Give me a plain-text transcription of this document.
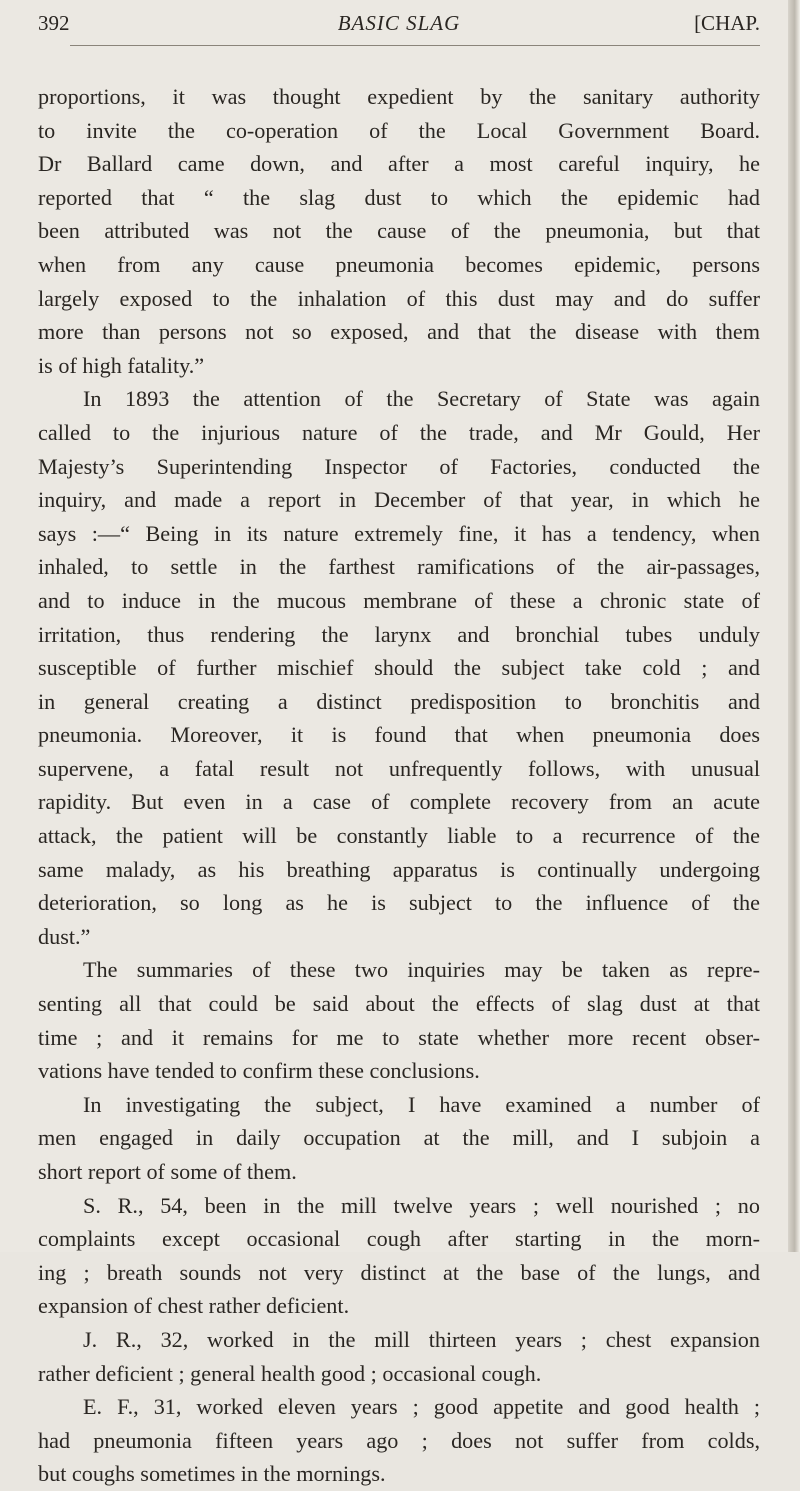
392	BASIC SLAG	[CHAP.
proportions, it was thought expedient by the sanitary authority
to invite the co-operation of the Local Government Board.
Dr Ballard came down, and after a most careful inquiry, he
reported that “ the slag dust to which the epidemic had
been attributed was not the cause of the pneumonia, but that
when from any cause pneumonia becomes epidemic, persons
largely exposed to the inhalation of this dust may and do suffer
more than persons not so exposed, and that the disease with them
is of high fatality.”
In 1893 the attention of the Secretary of State was again
called to the injurious nature of the trade, and Mr Gould, Her
Majesty’s Superintending Inspector of Factories, conducted the
inquiry, and made a report in December of that year, in which he
says :—“ Being in its nature extremely fine, it has a tendency, when
inhaled, to settle in the farthest ramifications of the air-passages,
and to induce in the mucous membrane of these a chronic state of
irritation, thus rendering the larynx and bronchial tubes unduly
susceptible of further mischief should the subject take cold ; and
in general creating a distinct predisposition to bronchitis and
pneumonia. Moreover, it is found that when pneumonia does
supervene, a fatal result not unfrequently follows, with unusual
rapidity. But even in a case of complete recovery from an acute
attack, the patient will be constantly liable to a recurrence of the
same malady, as his breathing apparatus is continually undergoing
deterioration, so long as he is subject to the influence of the
dust.”
The summaries of these two inquiries may be taken as repre-
senting all that could be said about the effects of slag dust at that
time ; and it remains for me to state whether more recent obser-
vations have tended to confirm these conclusions.
In investigating the subject, I have examined a number of
men engaged in daily occupation at the mill, and I subjoin a
short report of some of them.
S. R., 54, been in the mill twelve years ; well nourished ; no
complaints except occasional cough after starting in the morn-
ing ; breath sounds not very distinct at the base of the lungs, and
expansion of chest rather deficient.
J. R., 32, worked in the mill thirteen years ; chest expansion
rather deficient ; general health good ; occasional cough.
E. F., 31, worked eleven years ; good appetite and good health ;
had pneumonia fifteen years ago ; does not suffer from colds,
but coughs sometimes in the mornings.
